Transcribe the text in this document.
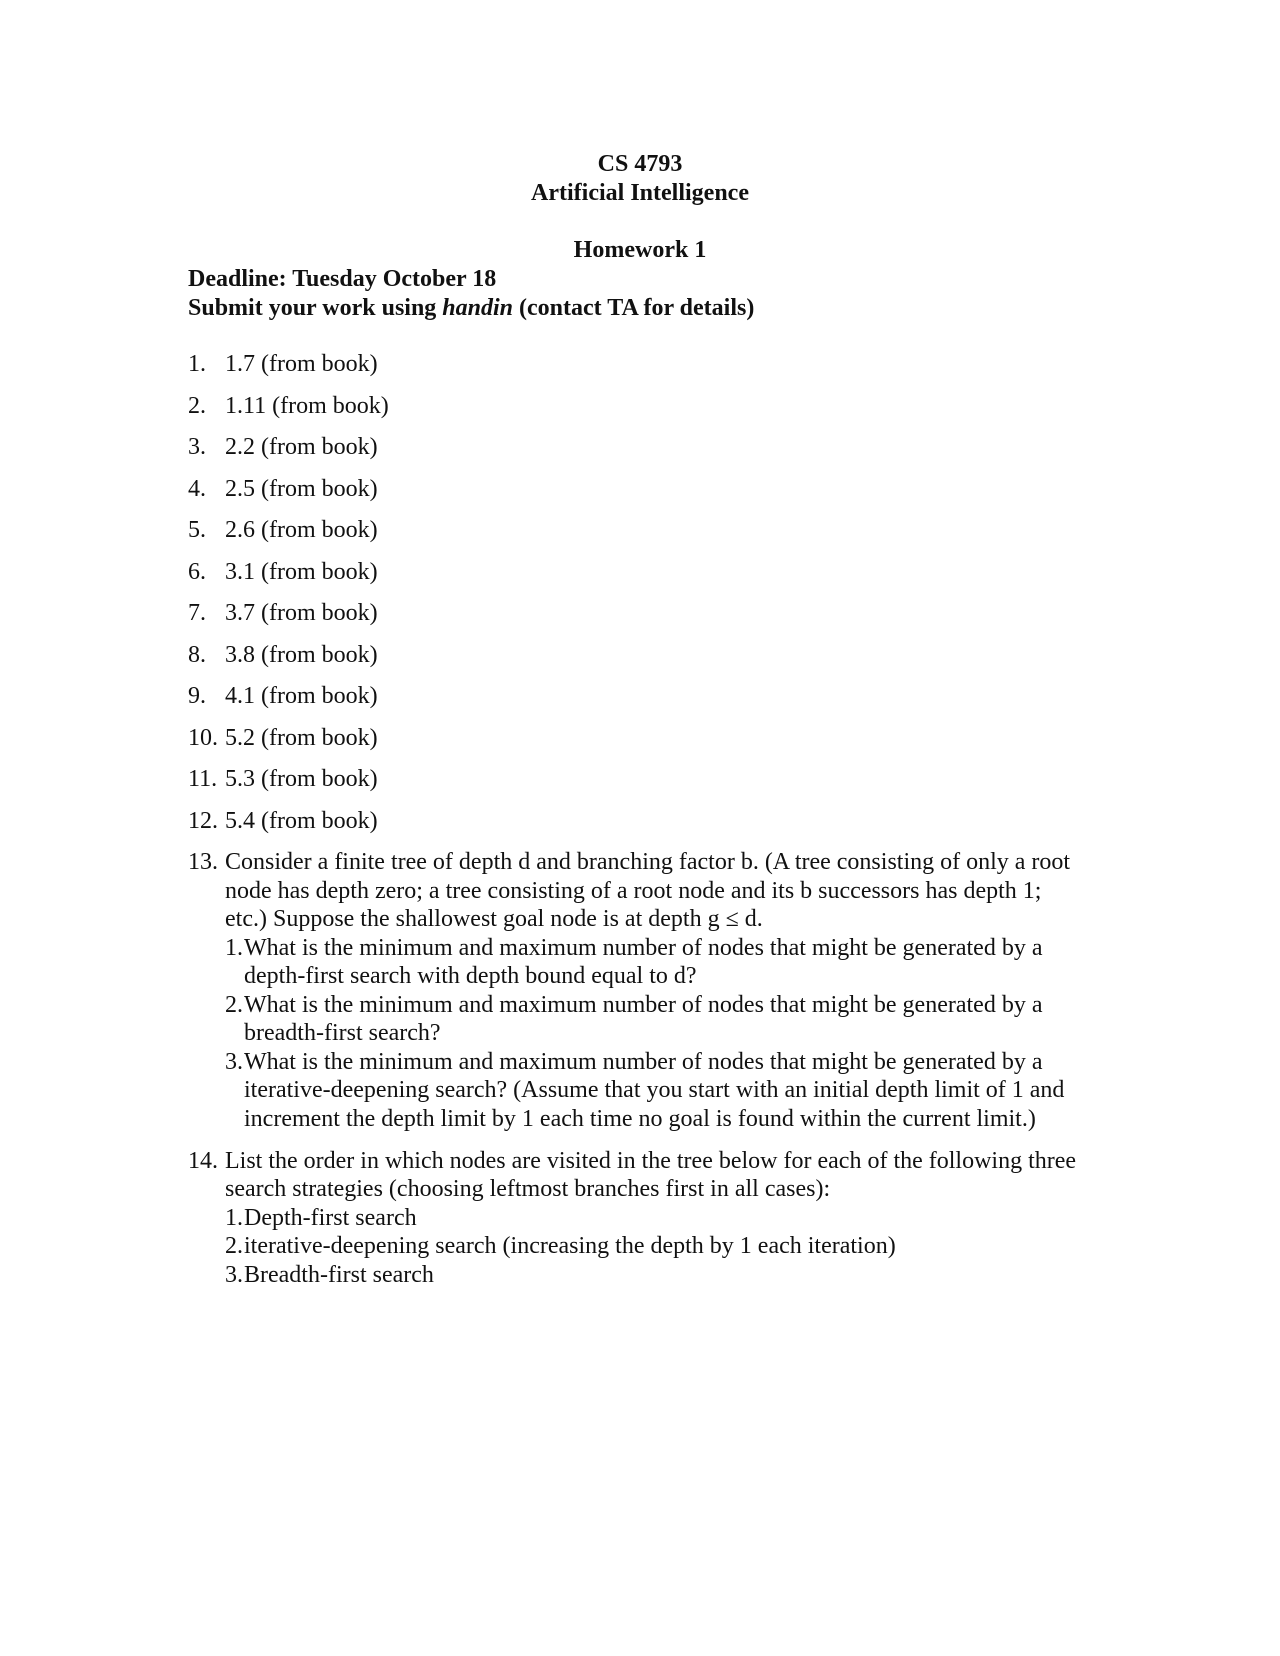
CS 4793
Artificial Intelligence
Homework 1
Deadline: Tuesday October 18
Submit your work using handin (contact TA for details)
1. 1.7 (from book)
2. 1.11 (from book)
3. 2.2 (from book)
4. 2.5 (from book)
5. 2.6 (from book)
6. 3.1 (from book)
7. 3.7 (from book)
8. 3.8 (from book)
9. 4.1 (from book)
10. 5.2 (from book)
11. 5.3 (from book)
12. 5.4 (from book)
13. Consider a finite tree of depth d and branching factor b. (A tree consisting of only a root node has depth zero; a tree consisting of a root node and its b successors has depth 1; etc.) Suppose the shallowest goal node is at depth g ≤ d.
1. What is the minimum and maximum number of nodes that might be generated by a depth-first search with depth bound equal to d?
2. What is the minimum and maximum number of nodes that might be generated by a breadth-first search?
3. What is the minimum and maximum number of nodes that might be generated by a iterative-deepening search? (Assume that you start with an initial depth limit of 1 and increment the depth limit by 1 each time no goal is found within the current limit.)
14. List the order in which nodes are visited in the tree below for each of the following three search strategies (choosing leftmost branches first in all cases):
1. Depth-first search
2. iterative-deepening search (increasing the depth by 1 each iteration)
3. Breadth-first search
